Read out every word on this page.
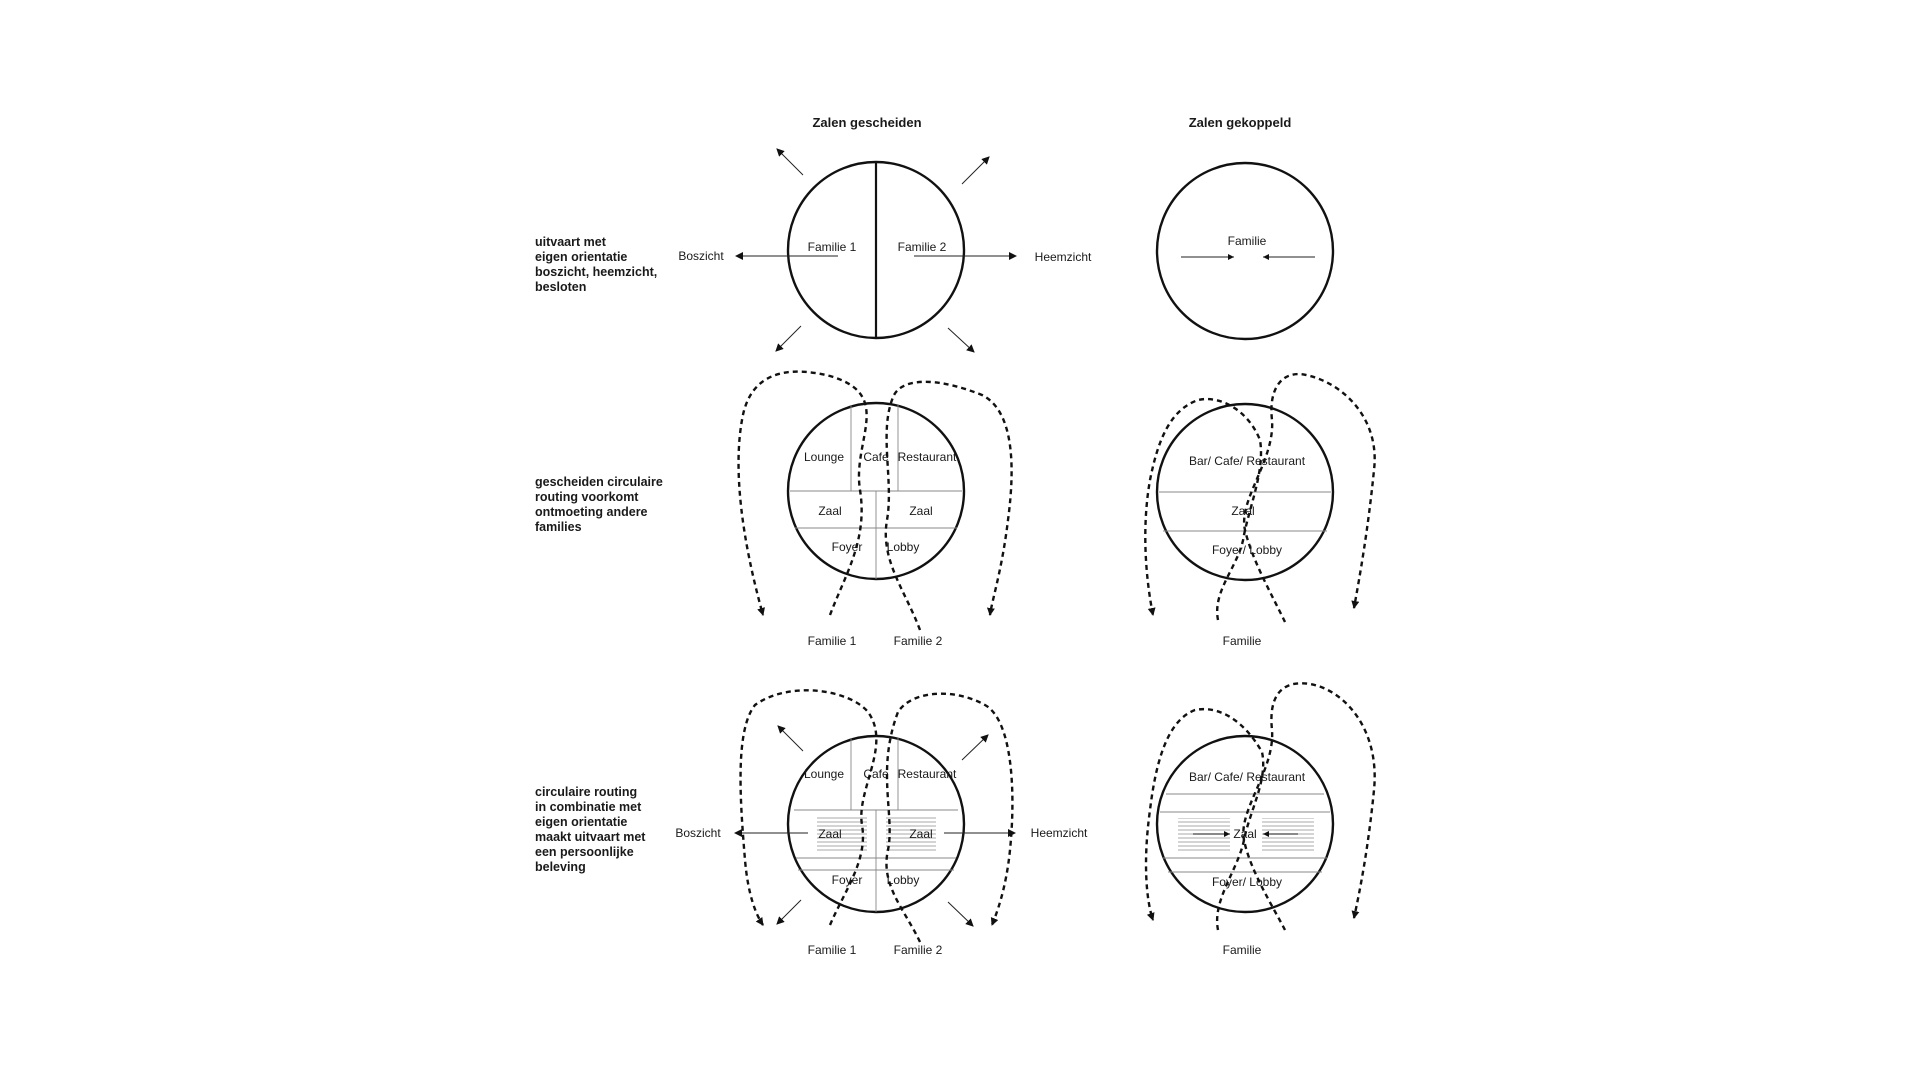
Zalen gescheiden	Zalen gekoppeld
uitvaart met eigen orientatie boszicht, heemzicht, besloten
gescheiden circulaire routing voorkomt ontmoeting andere families
circulaire routing in combinatie met eigen orientatie maakt uitvaart met een persoonlijke beleving
Familie 1	Familie 2
Boszicht	Heemzicht
Familie
Lounge Cafe Restaurant
Zaal	Zaal
Foyer Lobby
Familie 1	Familie 2
Bar/ Cafe/ Restaurant
Zaal
Foyer/ Lobby
Familie
Lounge Cafe Restaurant
Zaal	Zaal
Foyer Lobby
Boszicht	Heemzicht
Familie 1	Familie 2
Bar/ Cafe/ Restaurant
Zaal
Foyer/ Lobby
Familie
